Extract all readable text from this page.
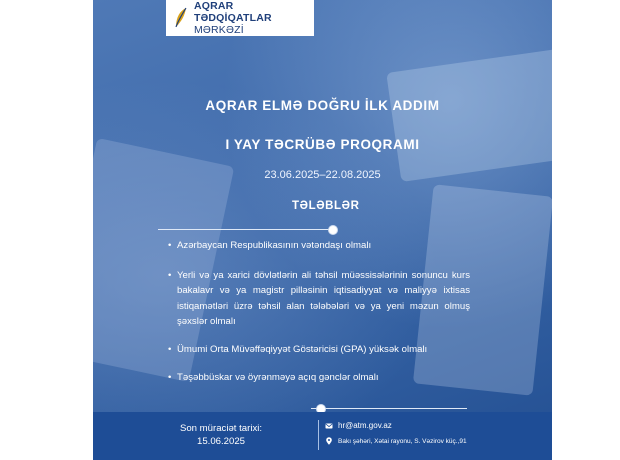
AQRAR TƏDQİQATLAR
MƏRKƏZİ
AQRAR ELMƏ DOĞRU İLK ADDIM
I YAY TƏCRÜBƏ PROQRAMI
23.06.2025–22.08.2025
TƏLƏBLƏR
• Azərbaycan Respublikasının vətəndaşı olmalı
• Yerli və ya xarici dövlətlərin ali təhsil müəssisələrinin sonuncu kurs bakalavr və ya magistr pilləsinin iqtisadiyyat və maliyyə ixtisas istiqamətləri üzrə təhsil alan tələbələri və ya yeni məzun olmuş şəxslər olmalı
• Ümumi Orta Müvəffəqiyyət Göstəricisi (GPA) yüksək olmalı
• Təşəbbüskar və öyrənməyə açıq gənclər olmalı
Son müraciət tarixi:
15.06.2025
hr@atm.gov.az
Bakı şəhəri, Xətai rayonu, S. Vəzirov küç.,91
